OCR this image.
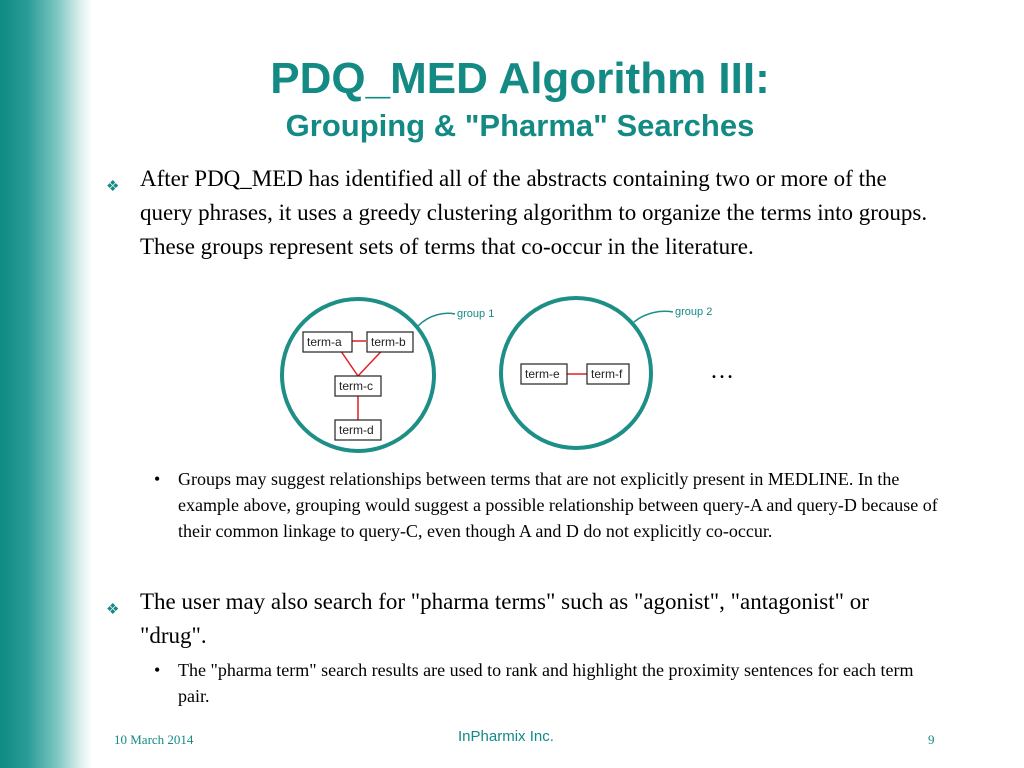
PDQ_MED Algorithm III:
Grouping & "Pharma" Searches
❖ After PDQ_MED has identified all of the abstracts containing two or more of the query phrases, it uses a greedy clustering algorithm to organize the terms into groups. These groups represent sets of terms that co-occur in the literature.
group 1
term-a term-b
term-c
term-d
group 2
term-e	term-f	…
• Groups may suggest relationships between terms that are not explicitly present in MEDLINE. In the example above, grouping would suggest a possible relationship between query-A and query-D because of their common linkage to query-C, even though A and D do not explicitly co-occur.
❖ The user may also search for "pharma terms" such as "agonist", "antagonist" or "drug".
• The "pharma term" search results are used to rank and highlight the proximity sentences for each term pair.
10 March 2014	InPharmix Inc.	9
